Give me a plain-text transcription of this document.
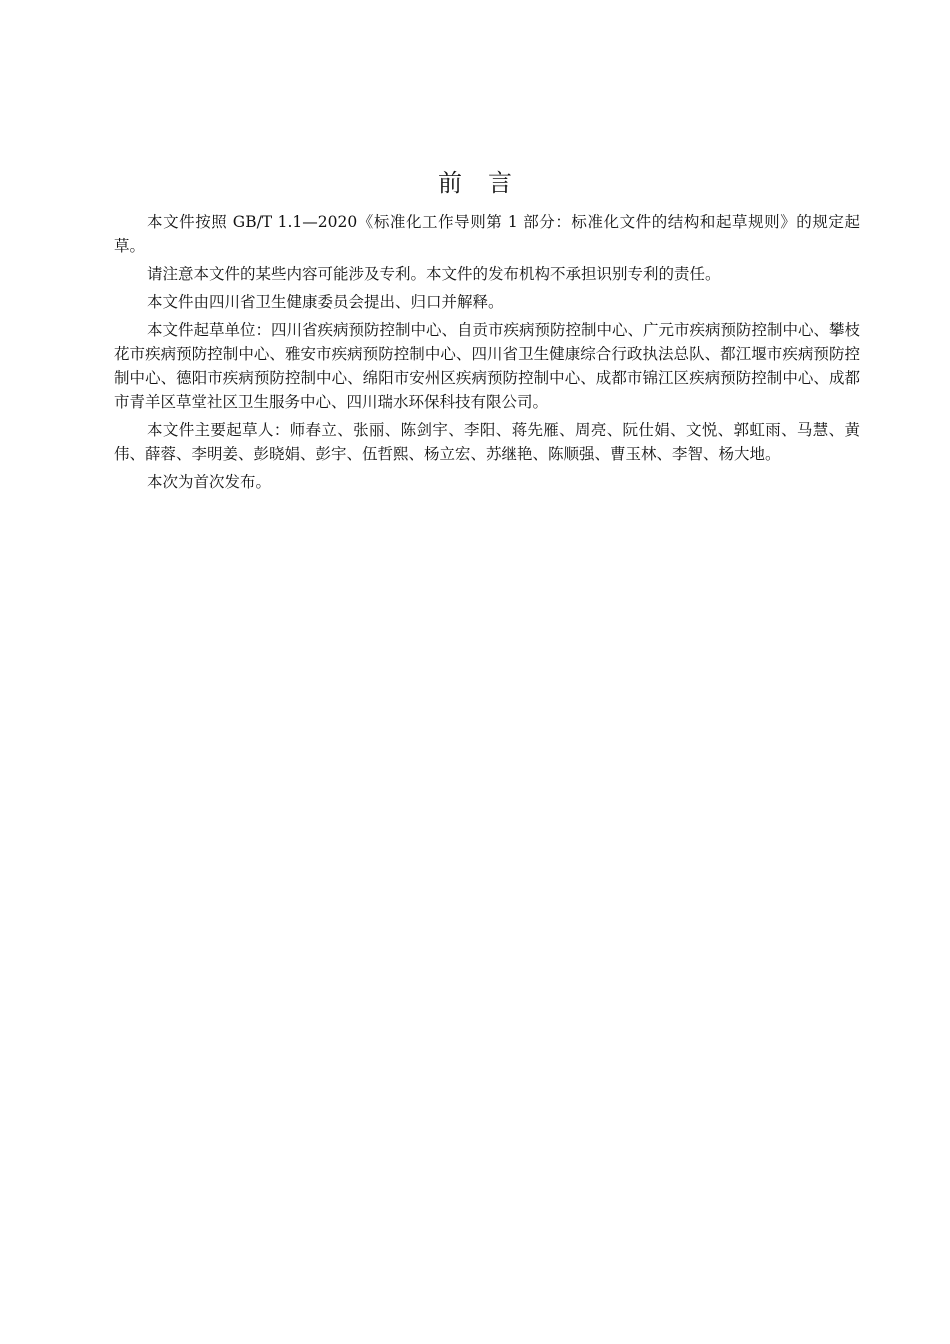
前言

本文件按照 GB/T 1.1—2020《标准化工作导则第 1 部分：标准化文件的结构和起草规则》的规定起草。

请注意本文件的某些内容可能涉及专利。本文件的发布机构不承担识别专利的责任。

本文件由四川省卫生健康委员会提出、归口并解释。

本文件起草单位：四川省疾病预防控制中心、自贡市疾病预防控制中心、广元市疾病预防控制中心、攀枝花市疾病预防控制中心、雅安市疾病预防控制中心、四川省卫生健康综合行政执法总队、都江堰市疾病预防控制中心、德阳市疾病预防控制中心、绵阳市安州区疾病预防控制中心、成都市锦江区疾病预防控制中心、成都市青羊区草堂社区卫生服务中心、四川瑞水环保科技有限公司。

本文件主要起草人：师春立、张丽、陈剑宇、李阳、蒋先雁、周亮、阮仕娟、文悦、郭虹雨、马慧、黄伟、薛蓉、李明姜、彭晓娟、彭宇、伍哲熙、杨立宏、苏继艳、陈顺强、曹玉林、李智、杨大地。

本次为首次发布。
